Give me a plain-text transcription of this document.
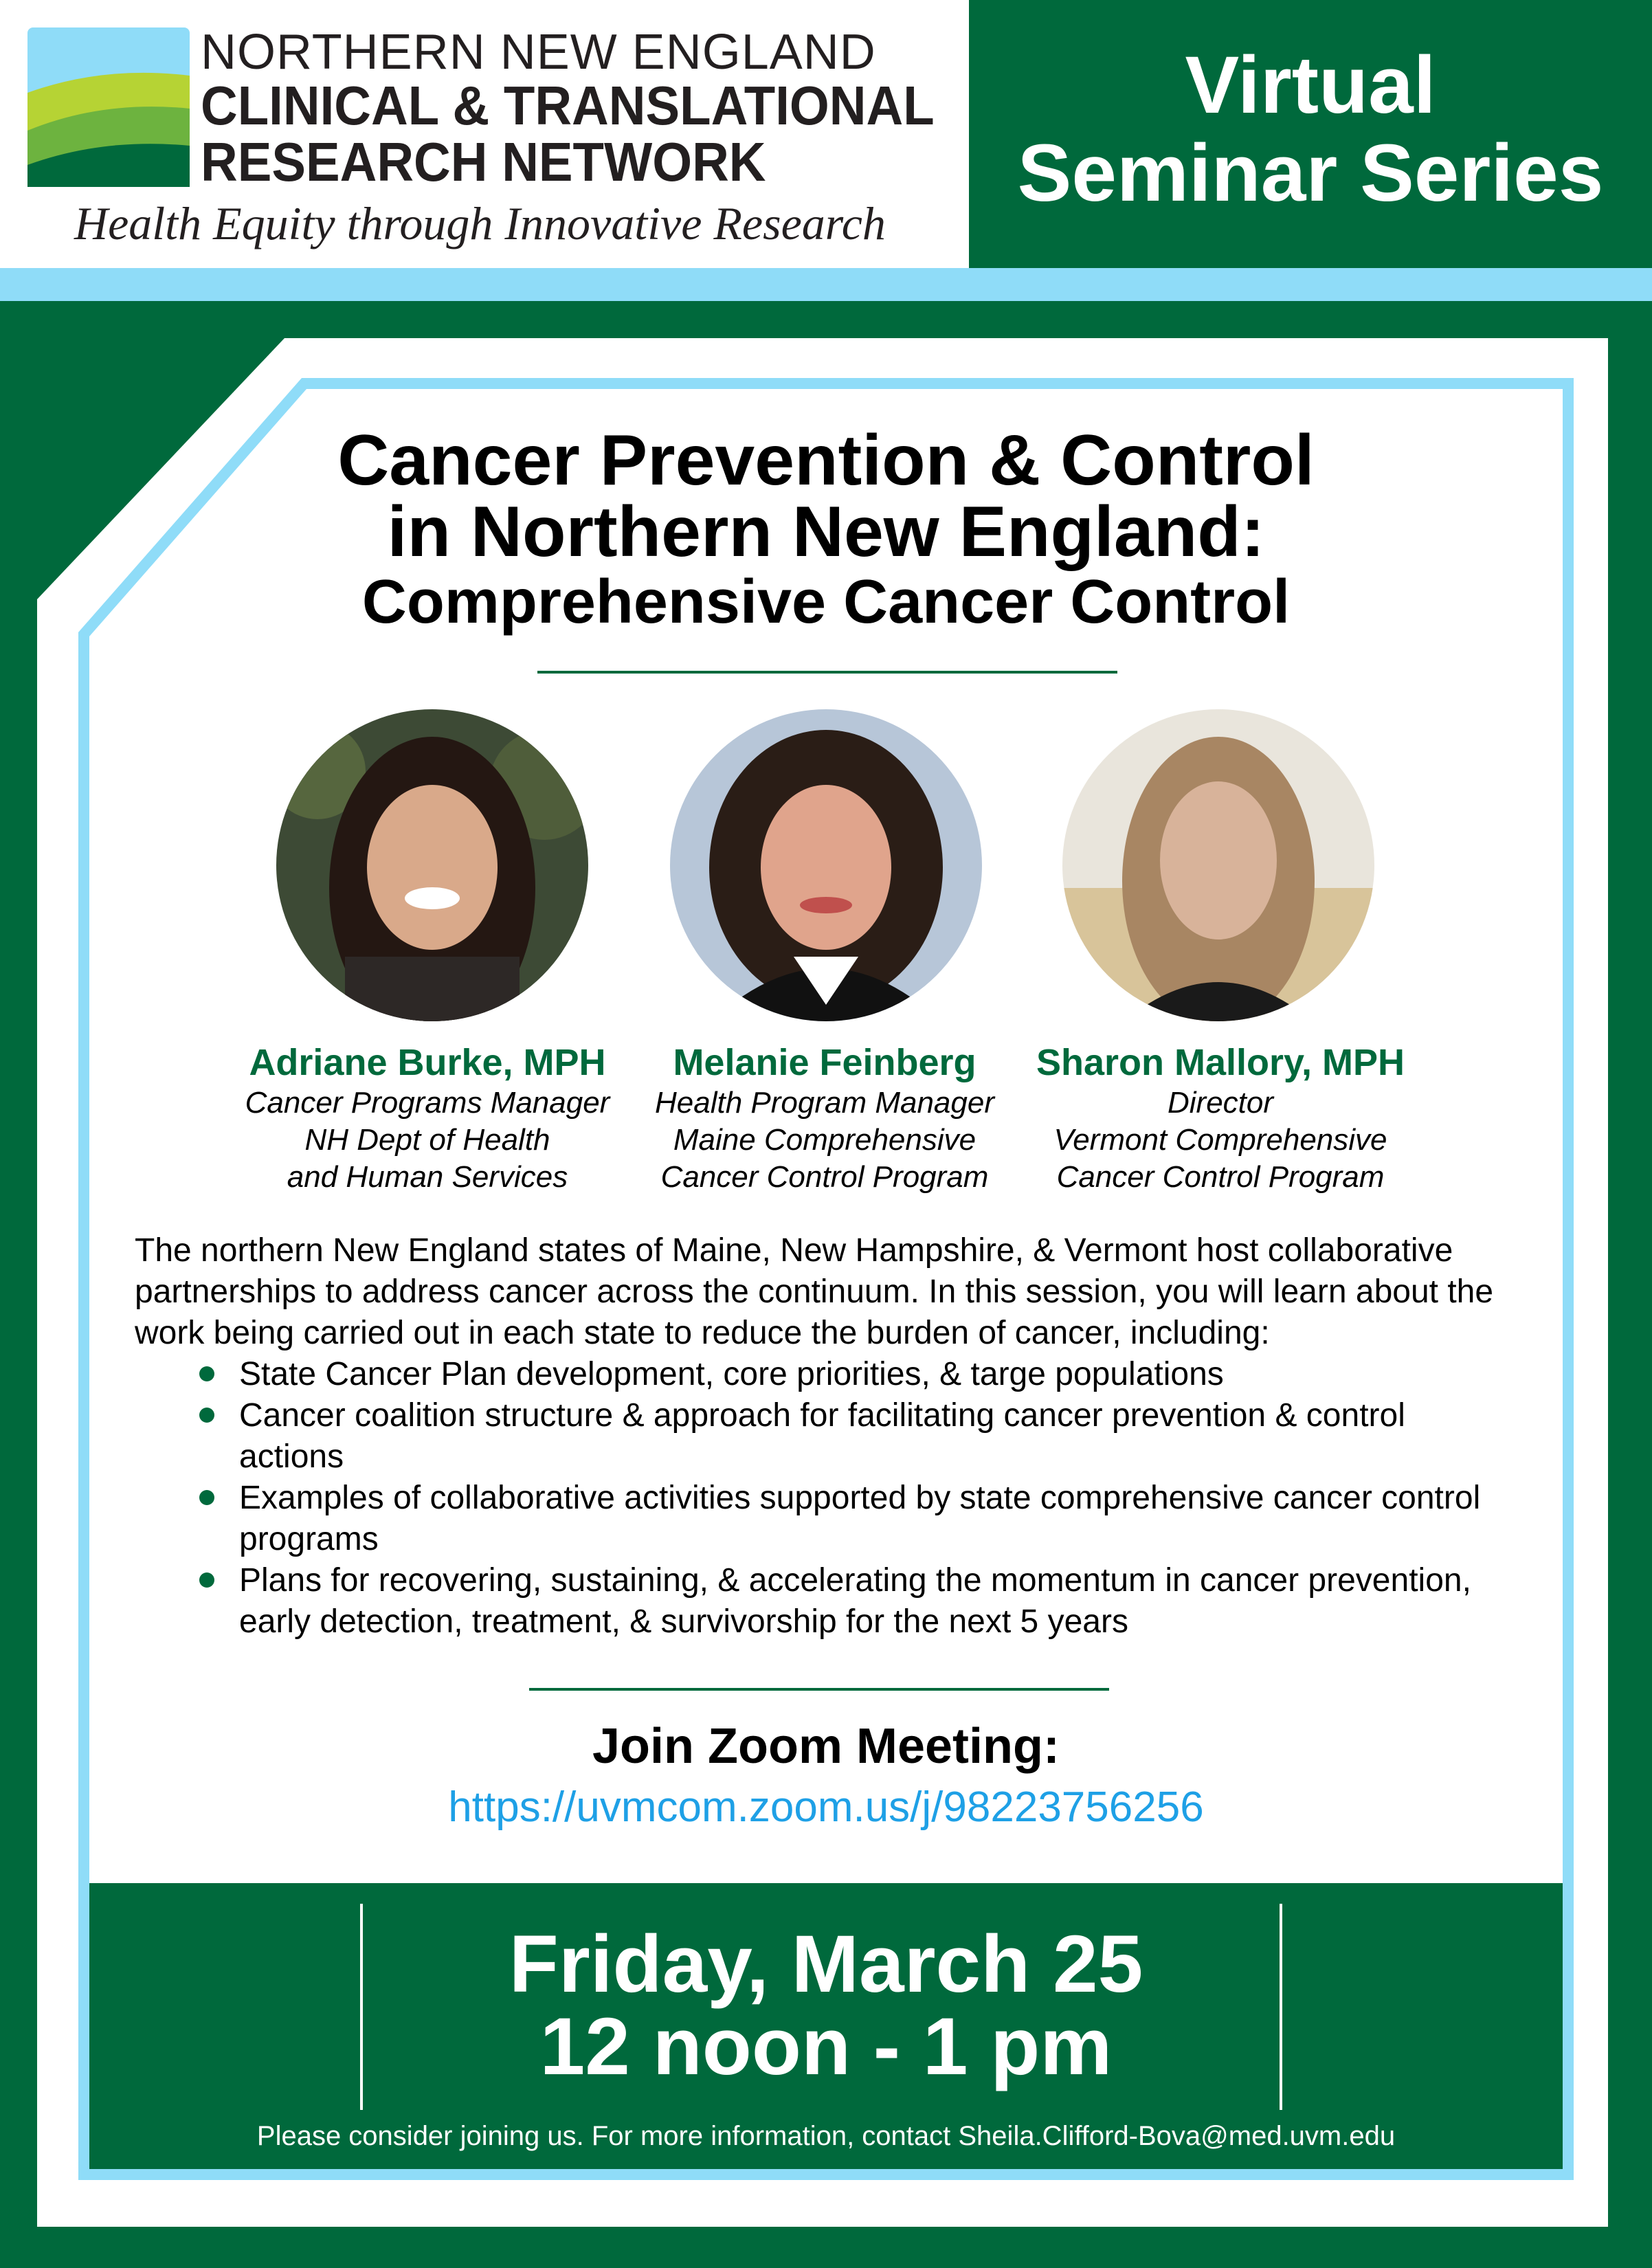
NORTHERN NEW ENGLAND
CLINICAL & TRANSLATIONAL
RESEARCH NETWORK
Health Equity through Innovative Research
Virtual
Seminar Series
Cancer Prevention & Control
in Northern New England:
Comprehensive Cancer Control
Adriane Burke, MPH
Cancer Programs Manager
NH Dept of Health
and Human Services
Melanie Feinberg
Health Program Manager
Maine Comprehensive
Cancer Control Program
Sharon Mallory, MPH
Director
Vermont Comprehensive
Cancer Control Program
The northern New England states of Maine, New Hampshire, & Vermont host collaborative partnerships to address cancer across the continuum. In this session, you will learn about the work being carried out in each state to reduce the burden of cancer, including:
State Cancer Plan development, core priorities, & targe populations
Cancer coalition structure & approach for facilitating cancer prevention & control actions
Examples of collaborative activities supported by state comprehensive cancer control programs
Plans for recovering, sustaining, & accelerating the momentum in cancer prevention, early detection, treatment, & survivorship for the next 5 years
Join Zoom Meeting:
https://uvmcom.zoom.us/j/98223756256
Friday, March 25
12 noon - 1 pm
Please consider joining us. For more information, contact Sheila.Clifford-Bova@med.uvm.edu
